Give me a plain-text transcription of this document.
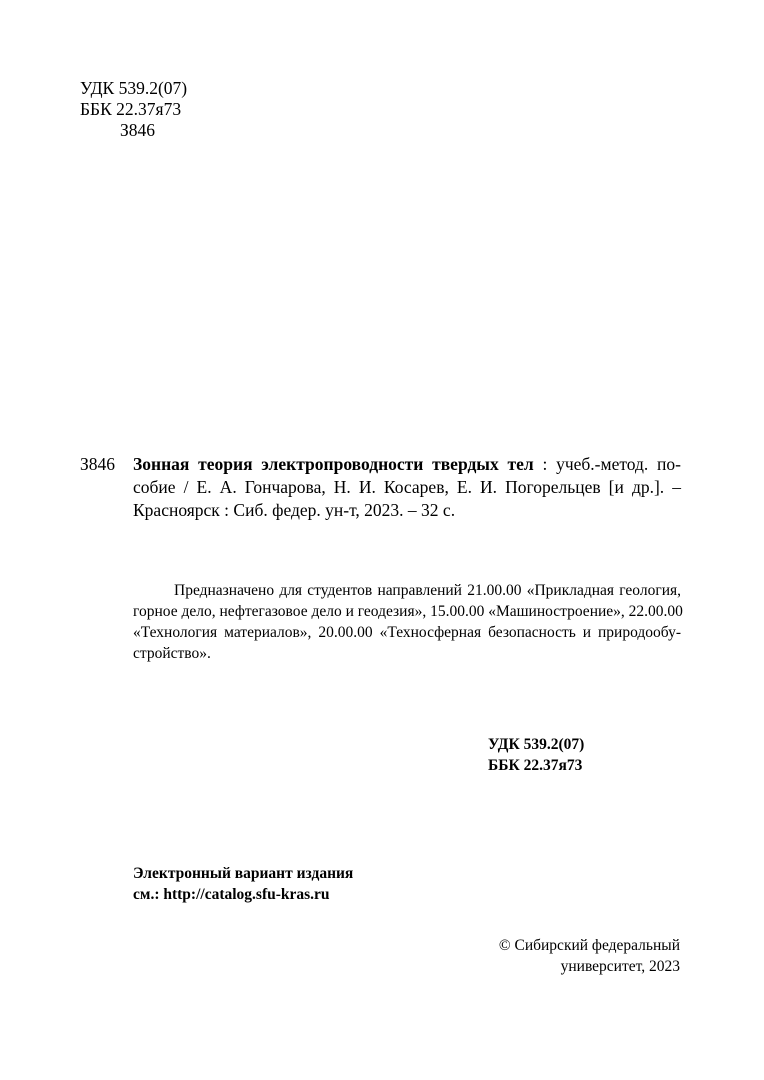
УДК 539.2(07)
ББК 22.37я73
З846
З846 Зонная теория электропроводности твердых тел : учеб.-метод. по-
собие / Е. А. Гончарова, Н. И. Косарев, Е. И. Погорельцев [и др.]. –
Красноярск : Сиб. федер. ун-т, 2023. – 32 с.
Предназначено для студентов направлений 21.00.00 «Прикладная геология,
горное дело, нефтегазовое дело и геодезия», 15.00.00 «Машиностроение», 22.00.00
«Технология материалов», 20.00.00 «Техносферная безопасность и природообу-
стройство».
УДК 539.2(07)
ББК 22.37я73
Электронный вариант издания
см.: http://catalog.sfu-kras.ru
© Сибирский федеральный
университет, 2023
